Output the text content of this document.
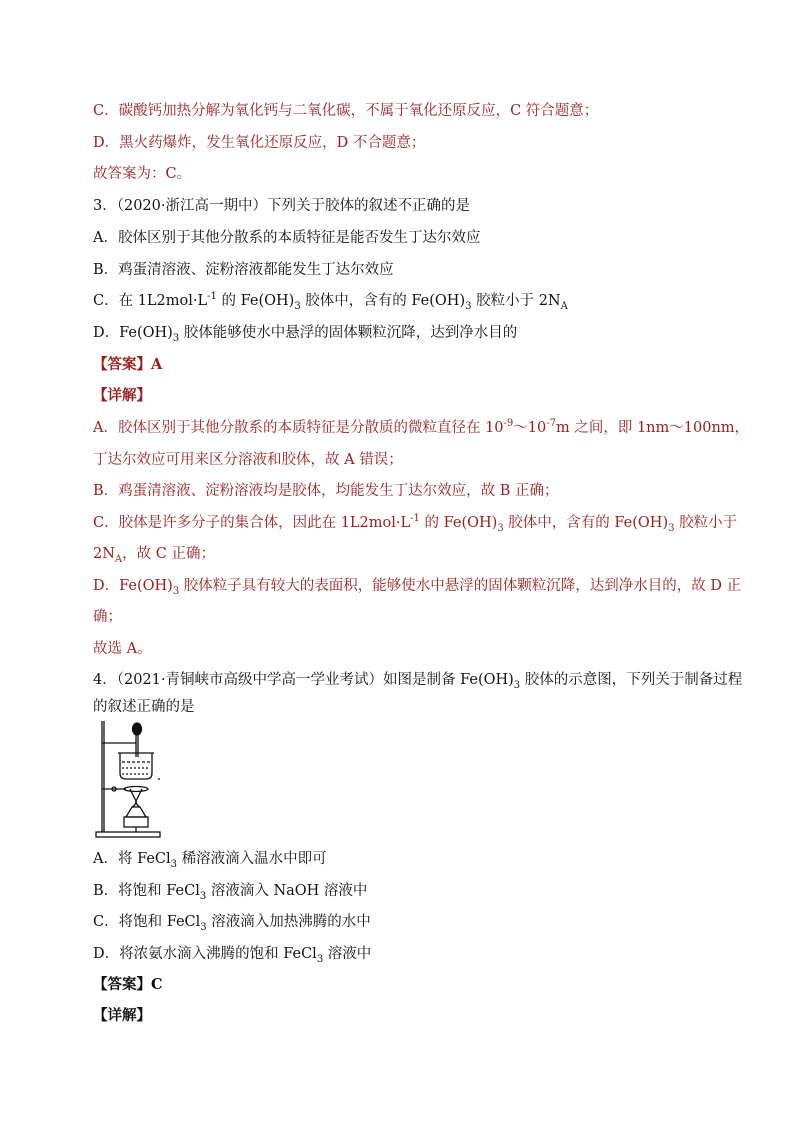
C．碳酸钙加热分解为氧化钙与二氧化碳，不属于氧化还原反应，C 符合题意；
D．黑火药爆炸，发生氧化还原反应，D 不合题意；
故答案为：C。
3．（2020·浙江高一期中）下列关于胶体的叙述不正确的是
A．胶体区别于其他分散系的本质特征是能否发生丁达尔效应
B．鸡蛋清溶液、淀粉溶液都能发生丁达尔效应
C．在 $1L2mol\cdot L^{-1}$ 的 $Fe(OH)_3$ 胶体中，含有的 $Fe(OH)_3$ 胶粒小于 $2N_A$
D．$Fe(OH)_3$ 胶体能够使水中悬浮的固体颗粒沉降，达到净水目的
【答案】A
【详解】
A．胶体区别于其他分散系的本质特征是分散质的微粒直径在 $10^{-9}\sim 10^{-7}m$ 之间，即 1nm～100nm，
丁达尔效应可用来区分溶液和胶体，故 A 错误；
B．鸡蛋清溶液、淀粉溶液均是胶体，均能发生丁达尔效应，故 B 正确；
C．胶体是许多分子的集合体，因此在 $1L2mol\cdot L^{-1}$ 的 $Fe(OH)_3$ 胶体中，含有的 $Fe(OH)_3$ 胶粒小于
$2N_A$，故 C 正确；
D．$Fe(OH)_3$ 胶体粒子具有较大的表面积，能够使水中悬浮的固体颗粒沉降，达到净水目的，故 D 正
确；
故选 A。
4．（2021·青铜峡市高级中学高一学业考试）如图是制备 $Fe(OH)_3$ 胶体的示意图，下列关于制备过程
的叙述正确的是
A．将 FeCl$_3$ 稀溶液滴入温水中即可
B．将饱和 FeCl$_3$ 溶液滴入 NaOH 溶液中
C．将饱和 FeCl$_3$ 溶液滴入加热沸腾的水中
D．将浓氨水滴入沸腾的饱和 FeCl$_3$ 溶液中
【答案】C
【详解】
